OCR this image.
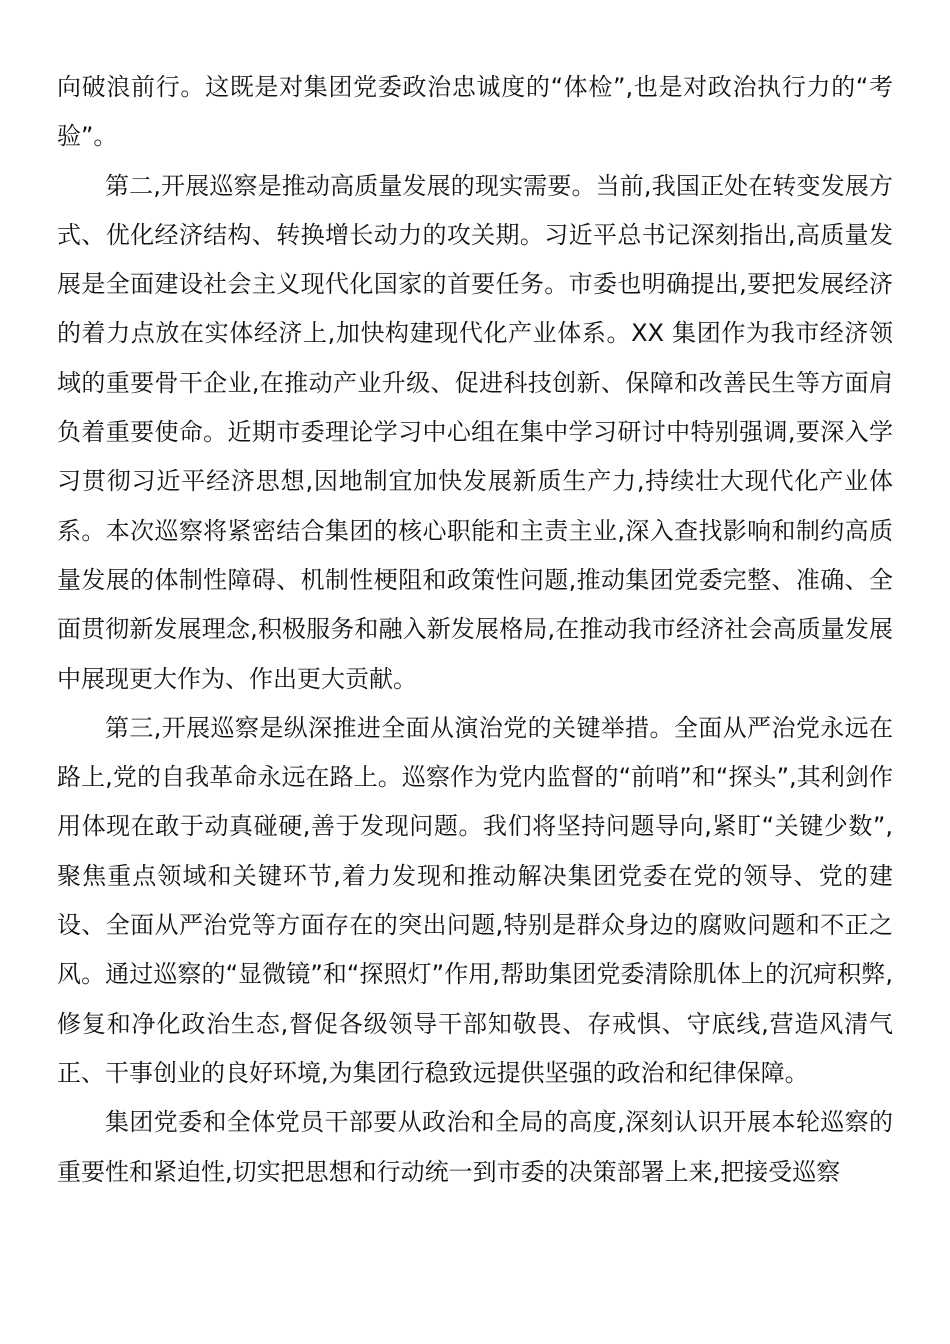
向破浪前行。这既是对集团党委政治忠诚度的“体检”,也是对政治执行力的“考验”。

第二,开展巡察是推动高质量发展的现实需要。当前,我国正处在转变发展方式、优化经济结构、转换增长动力的攻关期。习近平总书记深刻指出,高质量发展是全面建设社会主义现代化国家的首要任务。市委也明确提出,要把发展经济的着力点放在实体经济上,加快构建现代化产业体系。XX 集团作为我市经济领域的重要骨干企业,在推动产业升级、促进科技创新、保障和改善民生等方面肩负着重要使命。近期市委理论学习中心组在集中学习研讨中特别强调,要深入学习贯彻习近平经济思想,因地制宜加快发展新质生产力,持续壮大现代化产业体系。本次巡察将紧密结合集团的核心职能和主责主业,深入查找影响和制约高质量发展的体制性障碍、机制性梗阻和政策性问题,推动集团党委完整、准确、全面贯彻新发展理念,积极服务和融入新发展格局,在推动我市经济社会高质量发展中展现更大作为、作出更大贡献。

第三,开展巡察是纵深推进全面从演治党的关键举措。全面从严治党永远在路上,党的自我革命永远在路上。巡察作为党内监督的“前哨”和“探头”,其利剑作用体现在敢于动真碰硬,善于发现问题。我们将坚持问题导向,紧盯“关键少数”,聚焦重点领域和关键环节,着力发现和推动解决集团党委在党的领导、党的建设、全面从严治党等方面存在的突出问题,特别是群众身边的腐败问题和不正之风。通过巡察的“显微镜”和“探照灯”作用,帮助集团党委清除肌体上的沉疴积弊,修复和净化政治生态,督促各级领导干部知敬畏、存戒惧、守底线,营造风清气正、干事创业的良好环境,为集团行稳致远提供坚强的政治和纪律保障。

集团党委和全体党员干部要从政治和全局的高度,深刻认识开展本轮巡察的重要性和紧迫性,切实把思想和行动统一到市委的决策部署上来,把接受巡察
